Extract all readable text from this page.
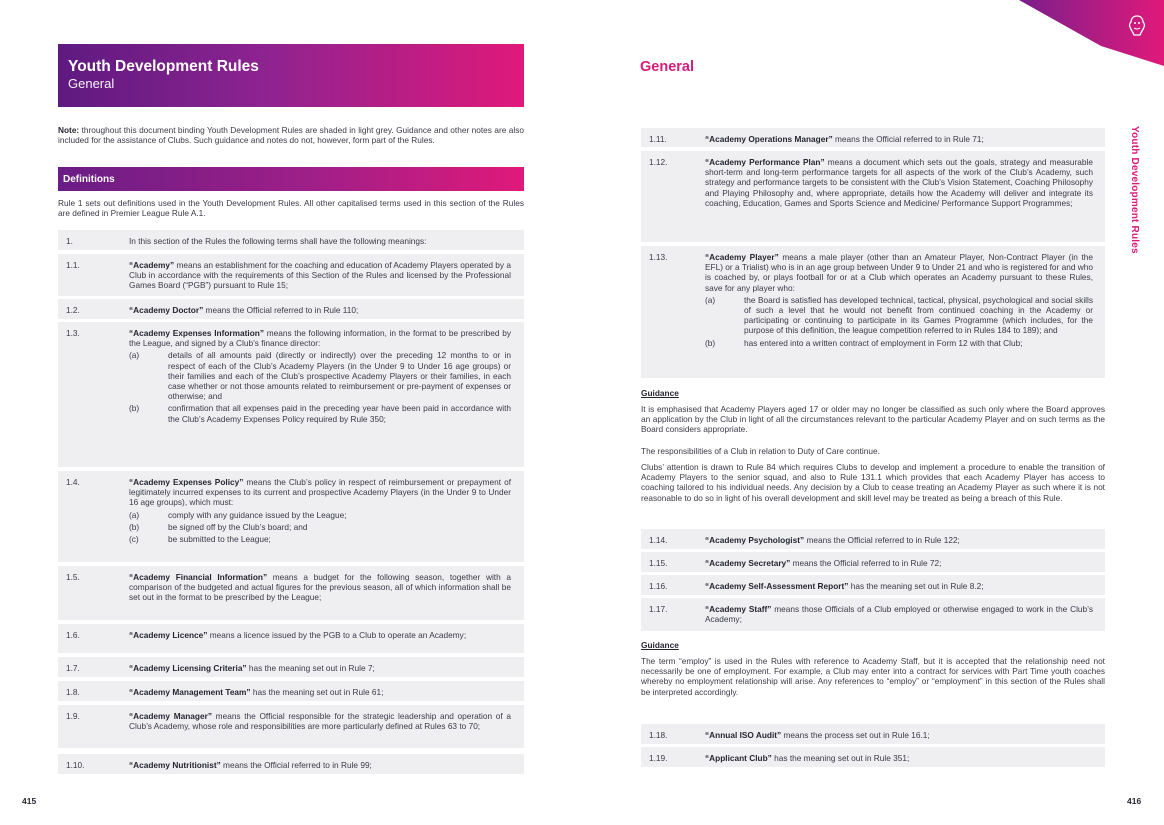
Youth Development Rules
General
Note: throughout this document binding Youth Development Rules are shaded in light grey. Guidance and other notes are also included for the assistance of Clubs. Such guidance and notes do not, however, form part of the Rules.
Definitions
Rule 1 sets out definitions used in the Youth Development Rules. All other capitalised terms used in this section of the Rules are defined in Premier League Rule A.1.
1.	In this section of the Rules the following terms shall have the following meanings:
1.1.	“Academy” means an establishment for the coaching and education of Academy Players operated by a Club in accordance with the requirements of this Section of the Rules and licensed by the Professional Games Board (“PGB”) pursuant to Rule 15;
1.2.	“Academy Doctor” means the Official referred to in Rule 110;
1.3.	“Academy Expenses Information” means the following information, in the format to be prescribed by the League, and signed by a Club’s finance director:
(a)	details of all amounts paid (directly or indirectly) over the preceding 12 months to or in respect of each of the Club’s Academy Players (in the Under 9 to Under 16 age groups) or their families and each of the Club’s prospective Academy Players or their families, in each case whether or not those amounts related to reimbursement or pre-payment of expenses or otherwise; and
(b)	confirmation that all expenses paid in the preceding year have been paid in accordance with the Club’s Academy Expenses Policy required by Rule 350;
1.4.	“Academy Expenses Policy” means the Club’s policy in respect of reimbursement or prepayment of legitimately incurred expenses to its current and prospective Academy Players (in the Under 9 to Under 16 age groups), which must:
(a)	comply with any guidance issued by the League;
(b)	be signed off by the Club’s board; and
(c)	be submitted to the League;
1.5.	“Academy Financial Information” means a budget for the following season, together with a comparison of the budgeted and actual figures for the previous season, all of which information shall be set out in the format to be prescribed by the League;
1.6.	“Academy Licence” means a licence issued by the PGB to a Club to operate an Academy;
1.7.	“Academy Licensing Criteria” has the meaning set out in Rule 7;
1.8.	“Academy Management Team” has the meaning set out in Rule 61;
1.9.	“Academy Manager” means the Official responsible for the strategic leadership and operation of a Club’s Academy, whose role and responsibilities are more particularly defined at Rules 63 to 70;
1.10.	“Academy Nutritionist” means the Official referred to in Rule 99;
1.11.	“Academy Operations Manager” means the Official referred to in Rule 71;
1.12.	“Academy Performance Plan” means a document which sets out the goals, strategy and measurable short-term and long-term performance targets for all aspects of the work of the Club’s Academy, such strategy and performance targets to be consistent with the Club’s Vision Statement, Coaching Philosophy and Playing Philosophy and, where appropriate, details how the Academy will deliver and integrate its coaching, Education, Games and Sports Science and Medicine/ Performance Support Programmes;
1.13.	“Academy Player” means a male player (other than an Amateur Player, Non-Contract Player (in the EFL) or a Trialist) who is in an age group between Under 9 to Under 21 and who is registered for and who is coached by, or plays football for or at a Club which operates an Academy pursuant to these Rules, save for any player who:
(a)	the Board is satisfied has developed technical, tactical, physical, psychological and social skills of such a level that he would not benefit from continued coaching in the Academy or participating or continuing to participate in its Games Programme (which includes, for the purpose of this definition, the league competition referred to in Rules 184 to 189); and
(b)	has entered into a written contract of employment in Form 12 with that Club;
1.14.	“Academy Psychologist” means the Official referred to in Rule 122;
1.15.	“Academy Secretary” means the Official referred to in Rule 72;
1.16.	“Academy Self-Assessment Report” has the meaning set out in Rule 8.2;
1.17.	“Academy Staff” means those Officials of a Club employed or otherwise engaged to work in the Club’s Academy;
1.18.	“Annual ISO Audit” means the process set out in Rule 16.1;
1.19.	“Applicant Club” has the meaning set out in Rule 351;
415
General
Youth Development Rules
Guidance
It is emphasised that Academy Players aged 17 or older may no longer be classified as such only where the Board approves an application by the Club in light of all the circumstances relevant to the particular Academy Player and on such terms as the Board considers appropriate.
The responsibilities of a Club in relation to Duty of Care continue.
Clubs’ attention is drawn to Rule 84 which requires Clubs to develop and implement a procedure to enable the transition of Academy Players to the senior squad, and also to Rule 131.1 which provides that each Academy Player has access to coaching tailored to his individual needs. Any decision by a Club to cease treating an Academy Player as such where it is not reasonable to do so in light of his overall development and skill level may be treated as being a breach of this Rule.
Guidance
The term “employ” is used in the Rules with reference to Academy Staff, but it is accepted that the relationship need not necessarily be one of employment. For example, a Club may enter into a contract for services with Part Time youth coaches whereby no employment relationship will arise. Any references to “employ” or “employment” in this section of the Rules shall be interpreted accordingly.
416
